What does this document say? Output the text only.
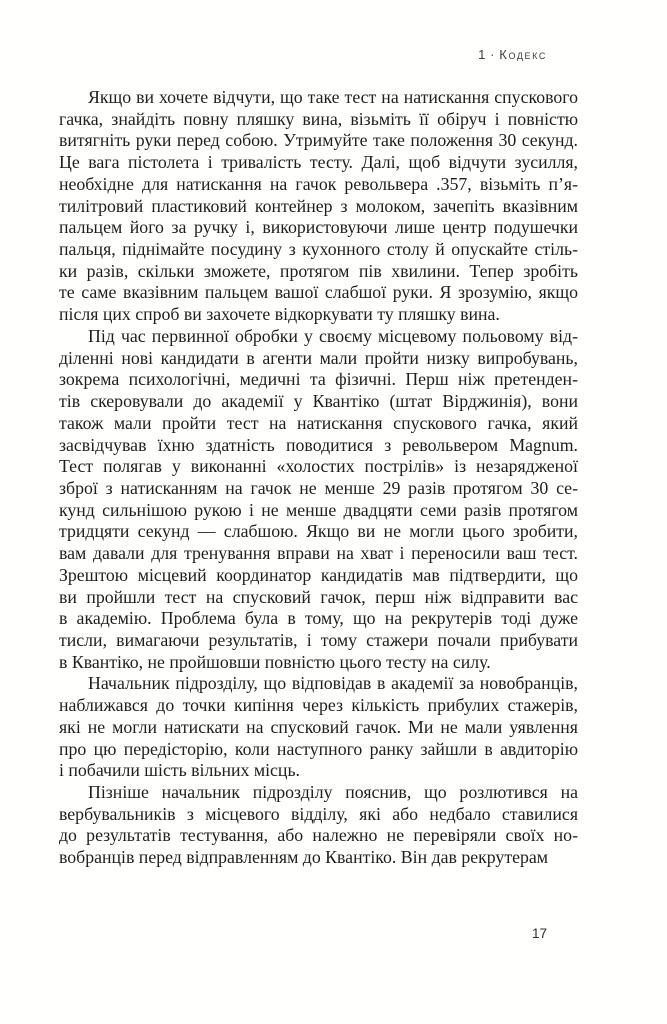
1 · Кодекс
Якщо ви хочете відчути, що таке тест на натискання спускового
гачка, знайдіть повну пляшку вина, візьміть її обіруч і повністю
витягніть руки перед собою. Утримуйте таке положення 30 секунд.
Це вага пістолета і тривалість тесту. Далі, щоб відчути зусилля,
необхідне для натискання на гачок револьвера .357, візьміть п’я-
тилітровий пластиковий контейнер з молоком, зачепіть вказівним
пальцем його за ручку і, використовуючи лише центр подушечки
пальця, піднімайте посудину з кухонного столу й опускайте стіль-
ки разів, скільки зможете, протягом пів хвилини. Тепер зробіть
те саме вказівним пальцем вашої слабшої руки. Я зрозумію, якщо
після цих спроб ви захочете відкоркувати ту пляшку вина.
Під час первинної обробки у своєму місцевому польовому від-
діленні нові кандидати в агенти мали пройти низку випробувань,
зокрема психологічні, медичні та фізичні. Перш ніж претенден-
тів скеровували до академії у Квантіко (штат Вірджинія), вони
також мали пройти тест на натискання спускового гачка, який
засвідчував їхню здатність поводитися з револьвером Magnum.
Тест полягав у виконанні «холостих пострілів» із незарядженої
зброї з натисканням на гачок не менше 29 разів протягом 30 се-
кунд сильнішою рукою і не менше двадцяти семи разів протягом
тридцяти секунд — слабшою. Якщо ви не могли цього зробити,
вам давали для тренування вправи на хват і переносили ваш тест.
Зрештою місцевий координатор кандидатів мав підтвердити, що
ви пройшли тест на спусковий гачок, перш ніж відправити вас
в академію. Проблема була в тому, що на рекрутерів тоді дуже
тисли, вимагаючи результатів, і тому стажери почали прибувати
в Квантіко, не пройшовши повністю цього тесту на силу.
Начальник підрозділу, що відповідав в академії за новобранців,
наближався до точки кипіння через кількість прибулих стажерів,
які не могли натискати на спусковий гачок. Ми не мали уявлення
про цю передісторію, коли наступного ранку зайшли в авдиторію
і побачили шість вільних місць.
Пізніше начальник підрозділу пояснив, що розлютився на
вербувальників з місцевого відділу, які або недбало ставилися
до результатів тестування, або належно не перевіряли своїх но-
вобранців перед відправленням до Квантіко. Він дав рекрутерам
17
